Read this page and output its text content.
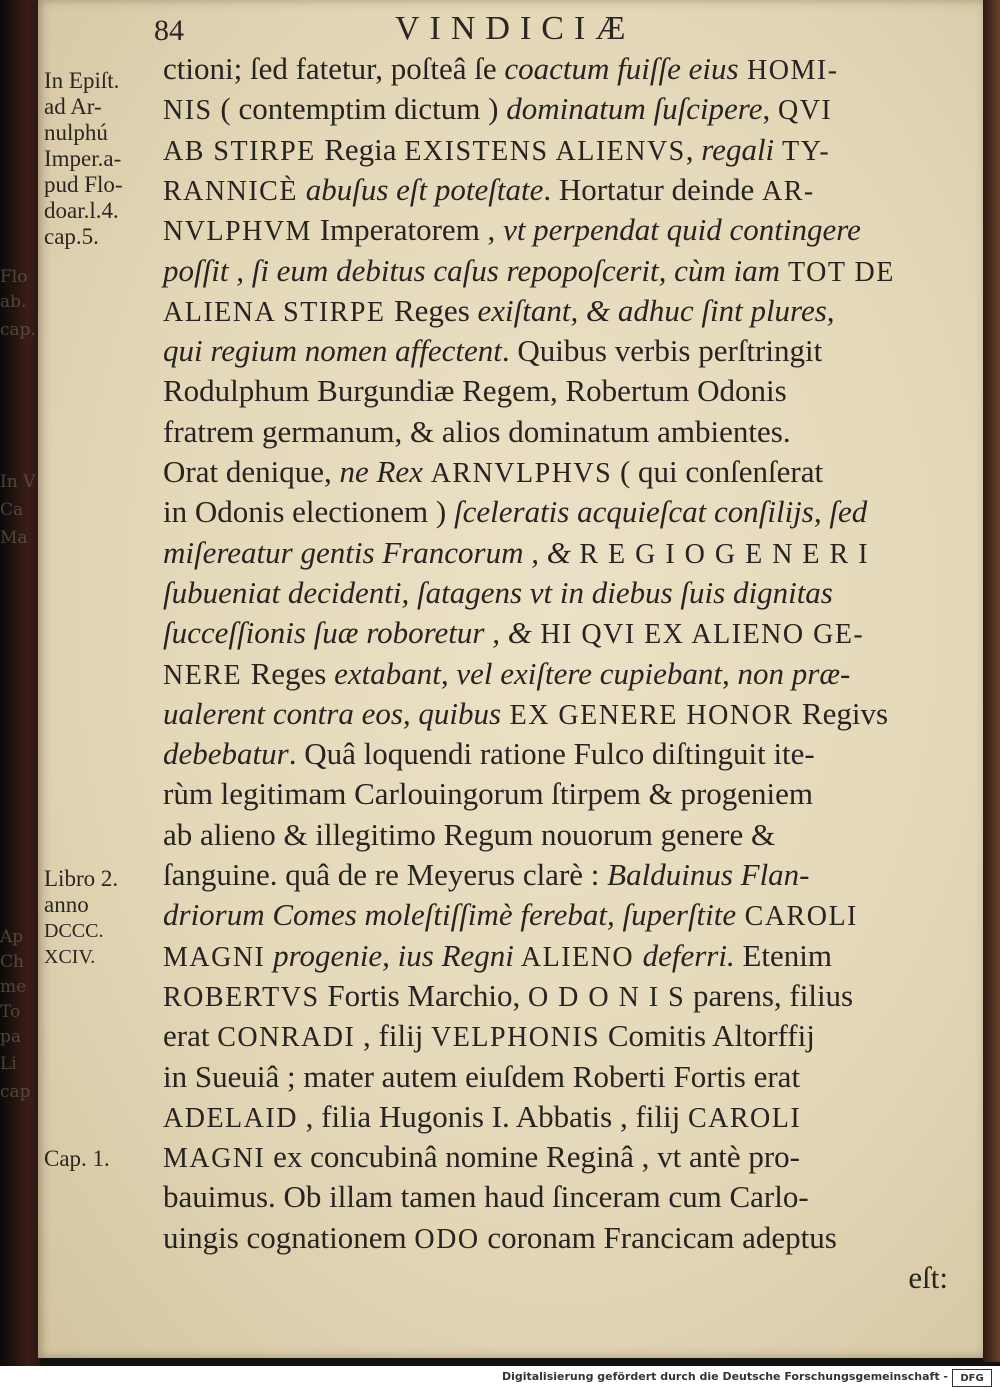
Flo
ab.
cap.
In V
Ca
Ma
Ap
Ch
me
To
pa
Li
cap
84	VINDICIÆ
In Epiſt.
ad Ar-
nulphú
Imper.a-
pud Flo-
doar.l.4.
cap.5.
Libro 2.
anno
DCCC.
XCIV.
Cap. 1.
ctioni; ſed fatetur, poſteâ ſe coactum fuiſſe eius HOMI-
NIS ( contemptim dictum ) dominatum ſuſcipere, QVI
AB STIRPE Regia EXISTENS ALIENVS, regali TY-
RANNICÈ abuſus eſt poteſtate. Hortatur deinde AR-
NVLPHVM Imperatorem , vt perpendat quid contingere
poſſit , ſi eum debitus caſus repopoſcerit, cùm iam TOT DE
ALIENA STIRPE Reges exiſtant, & adhuc ſint plures,
qui regium nomen affectent. Quibus verbis perſtringit
Rodulphum Burgundiæ Regem, Robertum Odonis
fratrem germanum, & alios dominatum ambientes.
Orat denique, ne Rex ARNVLPHVS ( qui conſenſerat
in Odonis electionem ) ſceleratis acquieſcat conſilijs, ſed
miſereatur gentis Francorum , & R E G I O G E N E R I
ſubueniat decidenti, ſatagens vt in diebus ſuis dignitas
ſucceſſionis ſuæ roboretur , & HI QVI EX ALIENO GE-
NERE Reges extabant, vel exiſtere cupiebant, non præ-
ualerent contra eos, quibus EX GENERE HONOR Regivs
debebatur. Quâ loquendi ratione Fulco diſtinguit ite-
rùm legitimam Carlouingorum ſtirpem & progeniem
ab alieno & illegitimo Regum nouorum genere &
ſanguine. quâ de re Meyerus clarè : Balduinus Flan-
driorum Comes moleſtiſſimè ferebat, ſuperſtite CAROLI
MAGNI progenie, ius Regni ALIENO deferri. Etenim
ROBERTVS Fortis Marchio, O D O N I S parens, filius
erat CONRADI , filij VELPHONIS Comitis Altorffij
in Sueuiâ ; mater autem eiuſdem Roberti Fortis erat
ADELAID , filia Hugonis I. Abbatis , filij CAROLI
MAGNI ex concubinâ nomine Reginâ , vt antè pro-
bauimus. Ob illam tamen haud ſinceram cum Carlo-
uingis cognationem ODO coronam Francicam adeptus
eſt:
Digitalisierung gefördert durch die Deutsche Forschungsgemeinschaft -	DFG
